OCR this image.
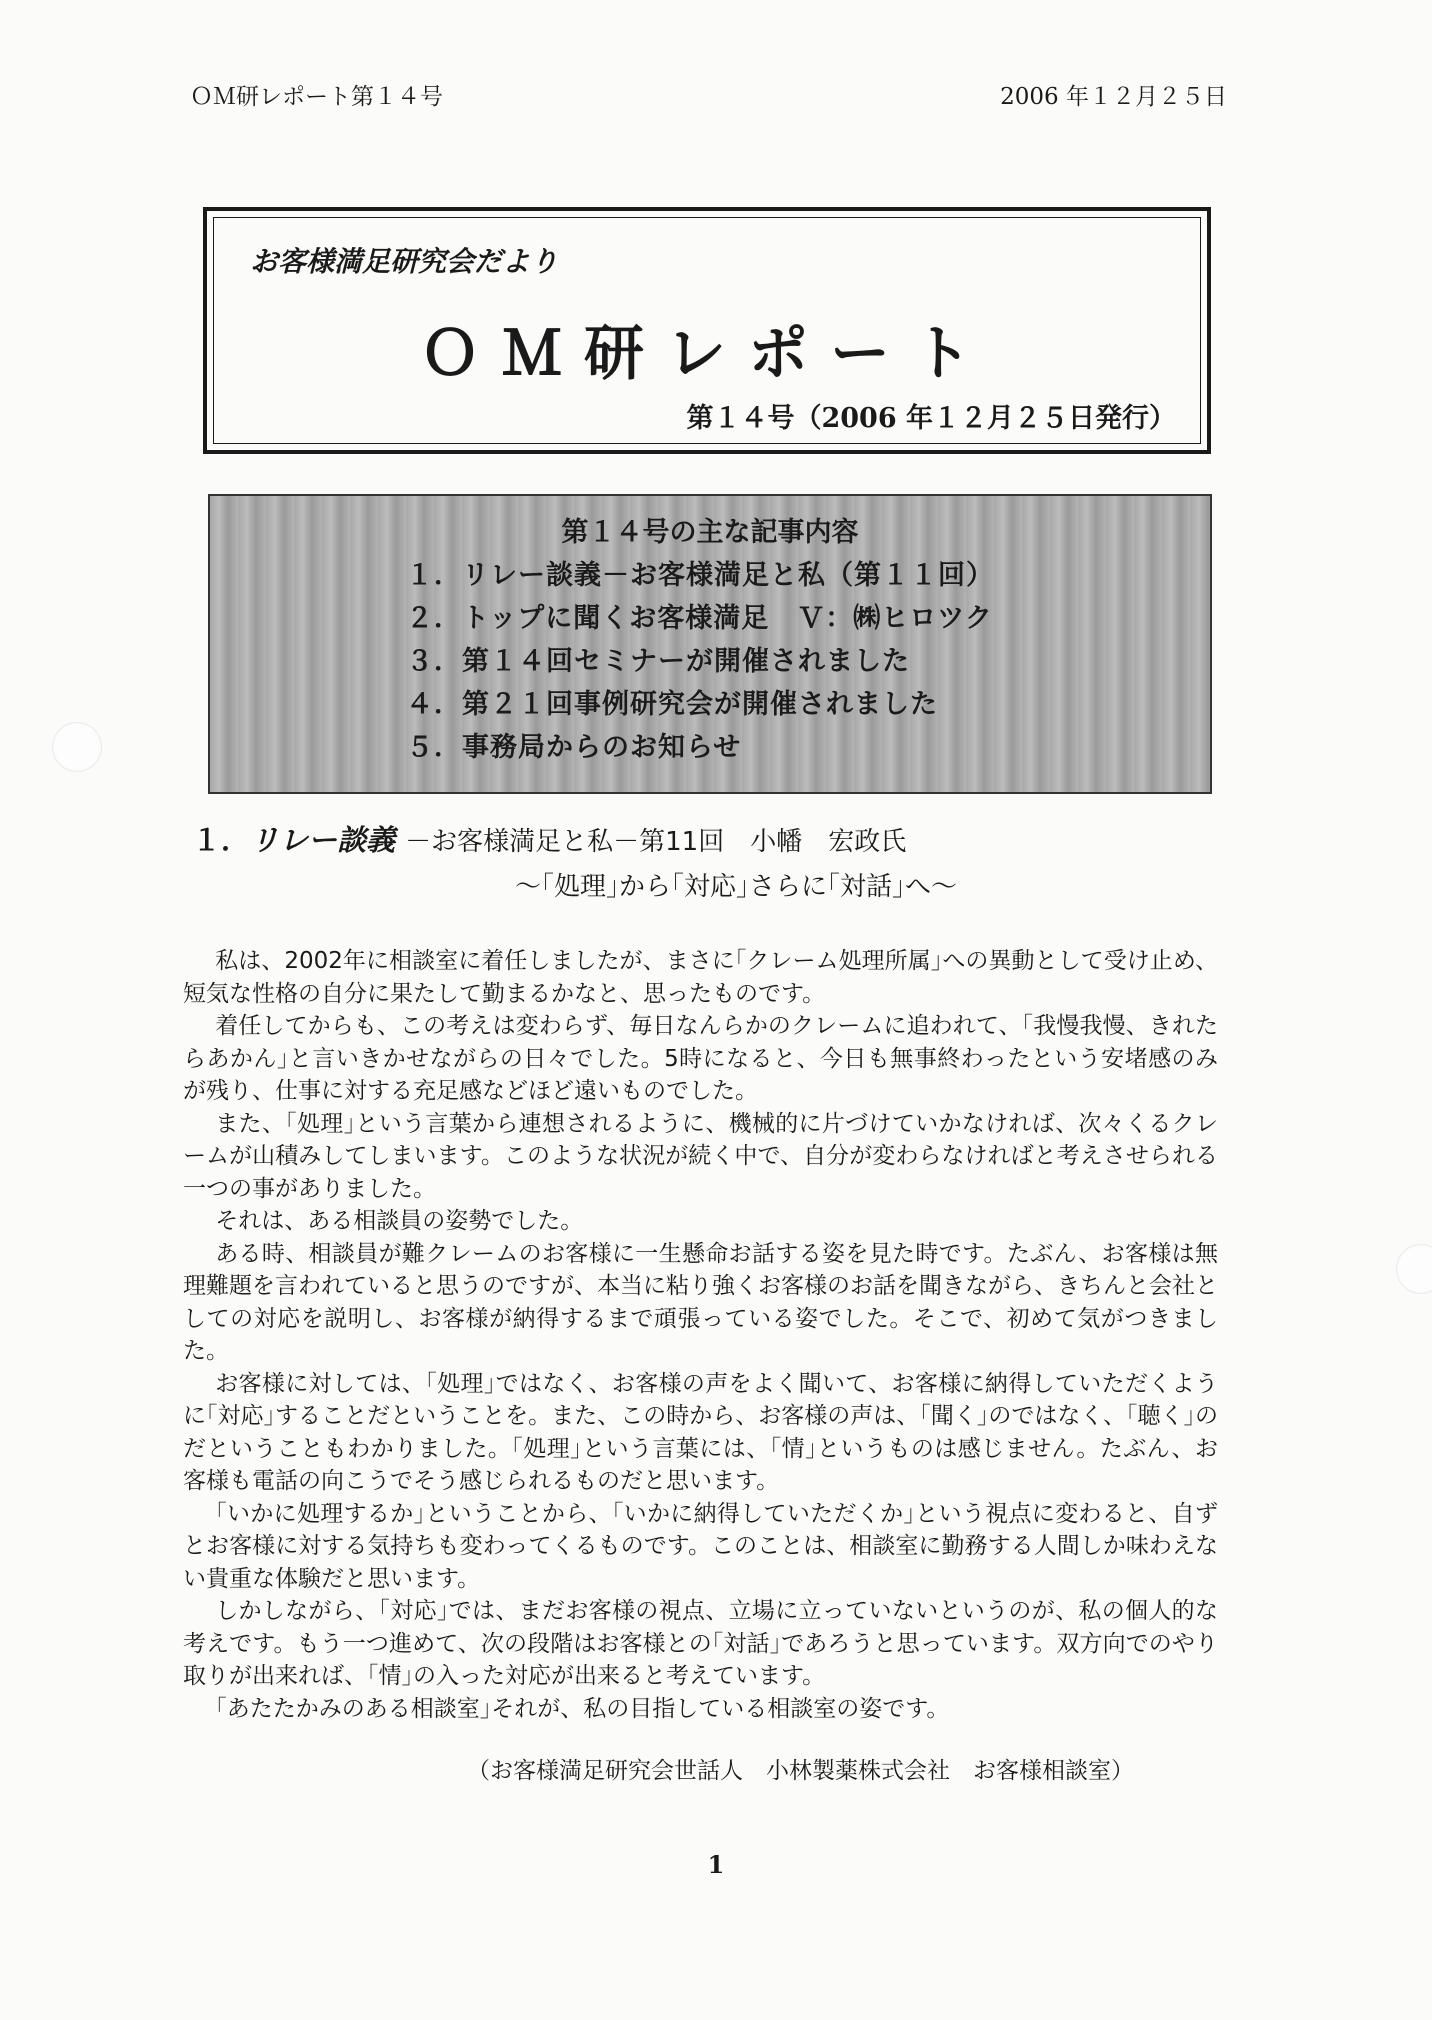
ＯＭ研レポート第１４号	2006 年１２月２５日
お客様満足研究会だより
ＯＭ研レポート
第１４号（2006 年１２月２５日発行）
第１４号の主な記事内容
１．リレー談義－お客様満足と私（第１１回）
２．トップに聞くお客様満足　Ｖ：㈱ヒロツク
３．第１４回セミナーが開催されました
４．第２１回事例研究会が開催されました
５．事務局からのお知らせ
１．リレー談義 －お客様満足と私－第11回　小幡　宏政氏
～｢処理｣から｢対応｣さらに｢対話｣へ～

私は、2002年に相談室に着任しましたが、まさに｢クレーム処理所属｣への異動として受け止め、短気な性格の自分に果たして勤まるかなと、思ったものです。

着任してからも、この考えは変わらず、毎日なんらかのクレームに追われて、｢我慢我慢、きれたらあかん｣と言いきかせながらの日々でした。5時になると、今日も無事終わったという安堵感のみが残り、仕事に対する充足感などほど遠いものでした。

また、｢処理｣という言葉から連想されるように、機械的に片づけていかなければ、次々くるクレームが山積みしてしまいます。このような状況が続く中で、自分が変わらなければと考えさせられる一つの事がありました。

それは、ある相談員の姿勢でした。

ある時、相談員が難クレームのお客様に一生懸命お話する姿を見た時です。たぶん、お客様は無理難題を言われていると思うのですが、本当に粘り強くお客様のお話を聞きながら、きちんと会社としての対応を説明し、お客様が納得するまで頑張っている姿でした。そこで、初めて気がつきました。

お客様に対しては、｢処理｣ではなく、お客様の声をよく聞いて、お客様に納得していただくように｢対応｣することだということを。また、この時から、お客様の声は、｢聞く｣のではなく、｢聴く｣のだということもわかりました。｢処理｣という言葉には、｢情｣というものは感じません。たぶん、お客様も電話の向こうでそう感じられるものだと思います。

｢いかに処理するか｣ということから、｢いかに納得していただくか｣という視点に変わると、自ずとお客様に対する気持ちも変わってくるものです。このことは、相談室に勤務する人間しか味わえない貴重な体験だと思います。

しかしながら、｢対応｣では、まだお客様の視点、立場に立っていないというのが、私の個人的な考えです。もう一つ進めて、次の段階はお客様との｢対話｣であろうと思っています。双方向でのやり取りが出来れば、｢情｣の入った対応が出来ると考えています。

｢あたたかみのある相談室｣それが、私の目指している相談室の姿です。

（お客様満足研究会世話人　小林製薬株式会社　お客様相談室）
1
